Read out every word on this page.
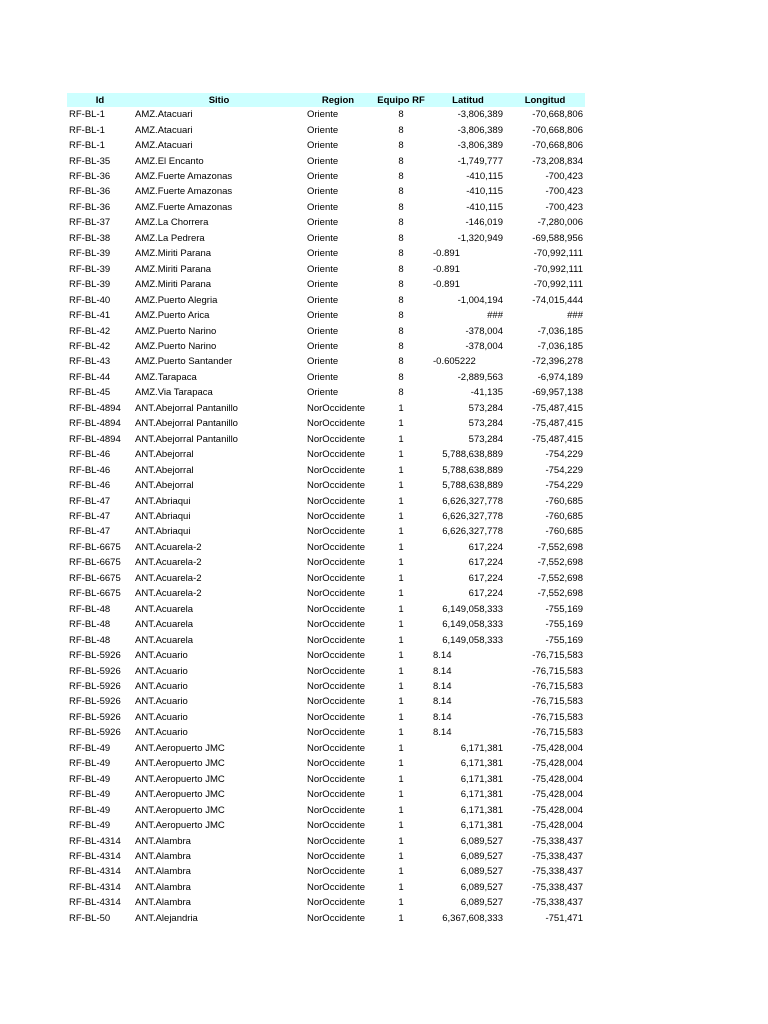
Id	Sitio	Region	Equipo RF	Latitud	Longitud
RF-BL-1	AMZ.Atacuari	Oriente	8	-3,806,389	-70,668,806
RF-BL-1	AMZ.Atacuari	Oriente	8	-3,806,389	-70,668,806
RF-BL-1	AMZ.Atacuari	Oriente	8	-3,806,389	-70,668,806
RF-BL-35	AMZ.El Encanto	Oriente	8	-1,749,777	-73,208,834
RF-BL-36	AMZ.Fuerte Amazonas	Oriente	8	-410,115	-700,423
RF-BL-36	AMZ.Fuerte Amazonas	Oriente	8	-410,115	-700,423
RF-BL-36	AMZ.Fuerte Amazonas	Oriente	8	-410,115	-700,423
RF-BL-37	AMZ.La Chorrera	Oriente	8	-146,019	-7,280,006
RF-BL-38	AMZ.La Pedrera	Oriente	8	-1,320,949	-69,588,956
RF-BL-39	AMZ.Miriti Parana	Oriente	8	-0.891	-70,992,111
RF-BL-39	AMZ.Miriti Parana	Oriente	8	-0.891	-70,992,111
RF-BL-39	AMZ.Miriti Parana	Oriente	8	-0.891	-70,992,111
RF-BL-40	AMZ.Puerto Alegria	Oriente	8	-1,004,194	-74,015,444
RF-BL-41	AMZ.Puerto Arica	Oriente	8	###	###
RF-BL-42	AMZ.Puerto Narino	Oriente	8	-378,004	-7,036,185
RF-BL-42	AMZ.Puerto Narino	Oriente	8	-378,004	-7,036,185
RF-BL-43	AMZ.Puerto Santander	Oriente	8	-0.605222	-72,396,278
RF-BL-44	AMZ.Tarapaca	Oriente	8	-2,889,563	-6,974,189
RF-BL-45	AMZ.Via Tarapaca	Oriente	8	-41,135	-69,957,138
RF-BL-4894	ANT.Abejorral Pantanillo	NorOccidente	1	573,284	-75,487,415
RF-BL-4894	ANT.Abejorral Pantanillo	NorOccidente	1	573,284	-75,487,415
RF-BL-4894	ANT.Abejorral Pantanillo	NorOccidente	1	573,284	-75,487,415
RF-BL-46	ANT.Abejorral	NorOccidente	1	5,788,638,889	-754,229
RF-BL-46	ANT.Abejorral	NorOccidente	1	5,788,638,889	-754,229
RF-BL-46	ANT.Abejorral	NorOccidente	1	5,788,638,889	-754,229
RF-BL-47	ANT.Abriaqui	NorOccidente	1	6,626,327,778	-760,685
RF-BL-47	ANT.Abriaqui	NorOccidente	1	6,626,327,778	-760,685
RF-BL-47	ANT.Abriaqui	NorOccidente	1	6,626,327,778	-760,685
RF-BL-6675	ANT.Acuarela-2	NorOccidente	1	617,224	-7,552,698
RF-BL-6675	ANT.Acuarela-2	NorOccidente	1	617,224	-7,552,698
RF-BL-6675	ANT.Acuarela-2	NorOccidente	1	617,224	-7,552,698
RF-BL-6675	ANT.Acuarela-2	NorOccidente	1	617,224	-7,552,698
RF-BL-48	ANT.Acuarela	NorOccidente	1	6,149,058,333	-755,169
RF-BL-48	ANT.Acuarela	NorOccidente	1	6,149,058,333	-755,169
RF-BL-48	ANT.Acuarela	NorOccidente	1	6,149,058,333	-755,169
RF-BL-5926	ANT.Acuario	NorOccidente	1	8.14	-76,715,583
RF-BL-5926	ANT.Acuario	NorOccidente	1	8.14	-76,715,583
RF-BL-5926	ANT.Acuario	NorOccidente	1	8.14	-76,715,583
RF-BL-5926	ANT.Acuario	NorOccidente	1	8.14	-76,715,583
RF-BL-5926	ANT.Acuario	NorOccidente	1	8.14	-76,715,583
RF-BL-5926	ANT.Acuario	NorOccidente	1	8.14	-76,715,583
RF-BL-49	ANT.Aeropuerto JMC	NorOccidente	1	6,171,381	-75,428,004
RF-BL-49	ANT.Aeropuerto JMC	NorOccidente	1	6,171,381	-75,428,004
RF-BL-49	ANT.Aeropuerto JMC	NorOccidente	1	6,171,381	-75,428,004
RF-BL-49	ANT.Aeropuerto JMC	NorOccidente	1	6,171,381	-75,428,004
RF-BL-49	ANT.Aeropuerto JMC	NorOccidente	1	6,171,381	-75,428,004
RF-BL-49	ANT.Aeropuerto JMC	NorOccidente	1	6,171,381	-75,428,004
RF-BL-4314	ANT.Alambra	NorOccidente	1	6,089,527	-75,338,437
RF-BL-4314	ANT.Alambra	NorOccidente	1	6,089,527	-75,338,437
RF-BL-4314	ANT.Alambra	NorOccidente	1	6,089,527	-75,338,437
RF-BL-4314	ANT.Alambra	NorOccidente	1	6,089,527	-75,338,437
RF-BL-4314	ANT.Alambra	NorOccidente	1	6,089,527	-75,338,437
RF-BL-50	ANT.Alejandria	NorOccidente	1	6,367,608,333	-751,471
